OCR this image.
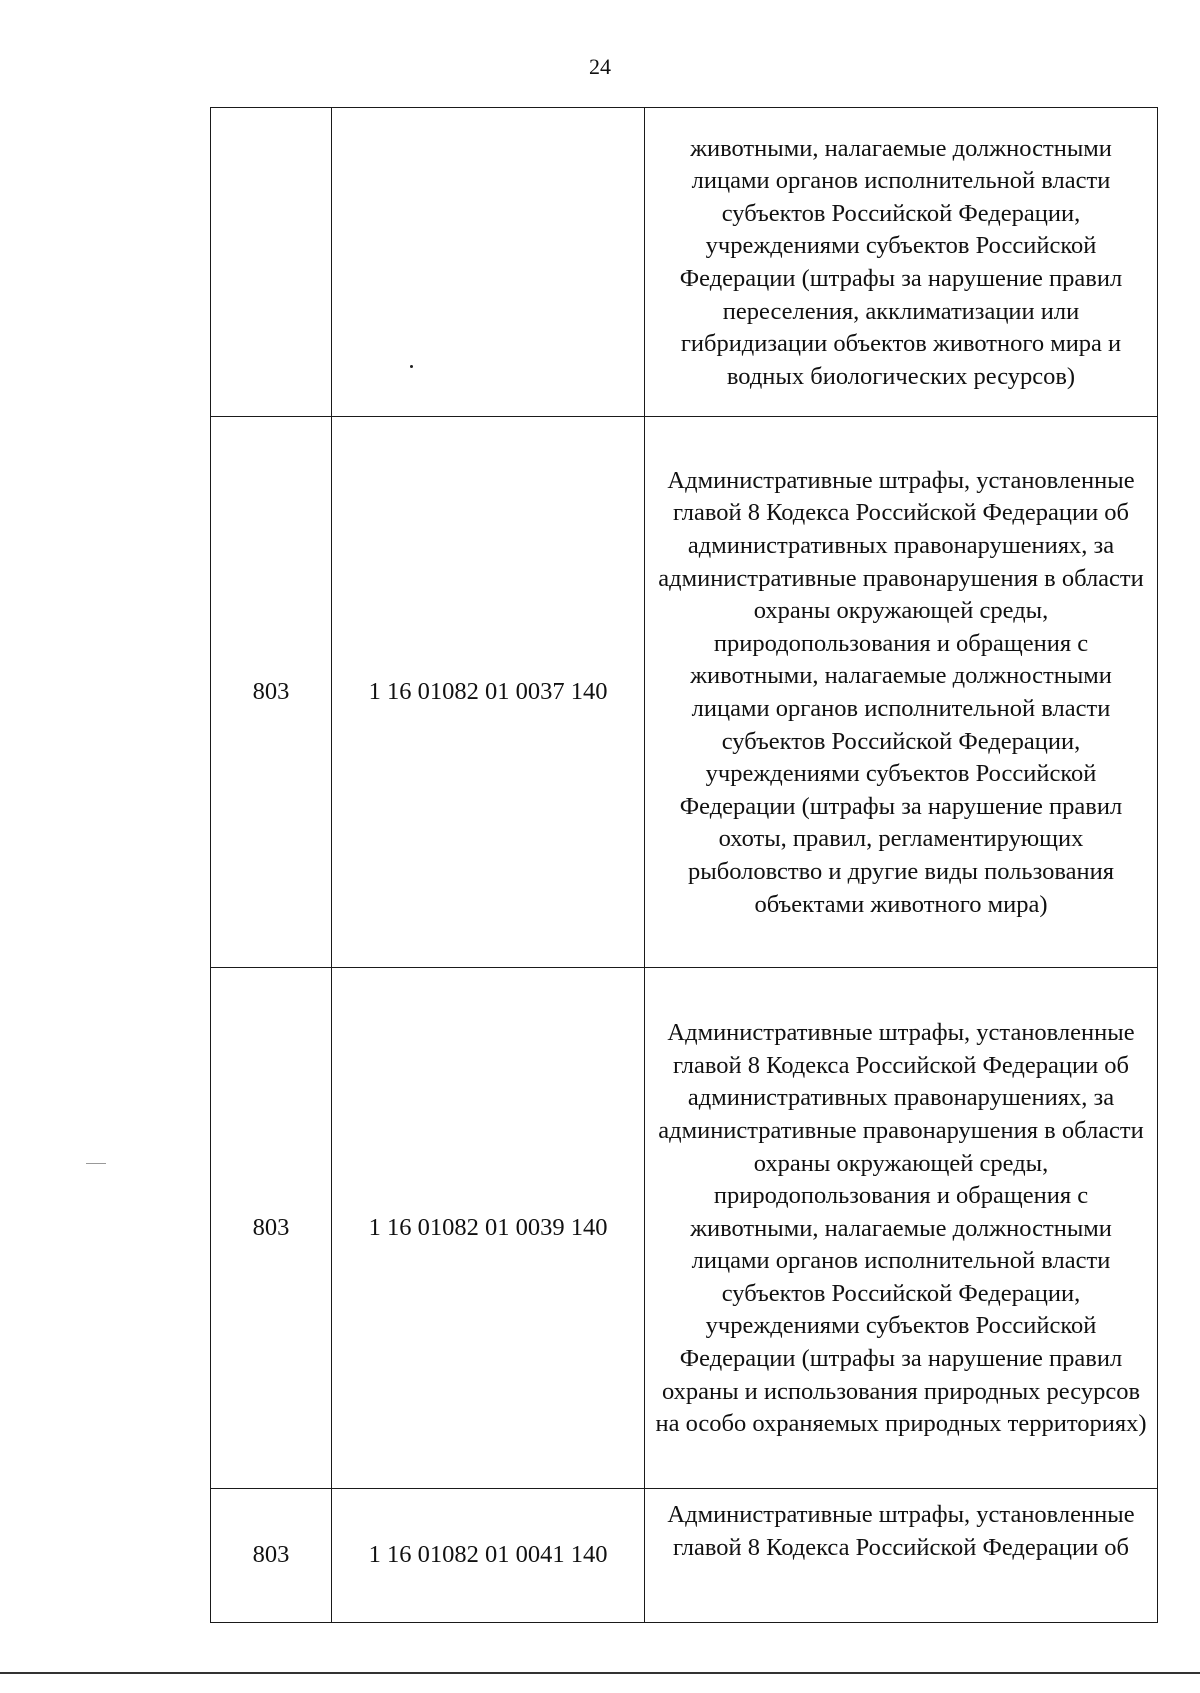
24
		животными, налагаемые должностными лицами органов исполнительной власти субъектов Российской Федерации, учреждениями субъектов Российской Федерации (штрафы за нарушение правил переселения, акклиматизации или гибридизации объектов животного мира и водных биологических ресурсов)
803	1 16 01082 01 0037 140	Административные штрафы, установленные главой 8 Кодекса Российской Федерации об административных правонарушениях, за административные правонарушения в области охраны окружающей среды, природопользования и обращения с животными, налагаемые должностными лицами органов исполнительной власти субъектов Российской Федерации, учреждениями субъектов Российской Федерации (штрафы за нарушение правил охоты, правил, регламентирующих рыболовство и другие виды пользования объектами животного мира)
803	1 16 01082 01 0039 140	Административные штрафы, установленные главой 8 Кодекса Российской Федерации об административных правонарушениях, за административные правонарушения в области охраны окружающей среды, природопользования и обращения с животными, налагаемые должностными лицами органов исполнительной власти субъектов Российской Федерации, учреждениями субъектов Российской Федерации (штрафы за нарушение правил охраны и использования природных ресурсов на особо охраняемых природных территориях)
803	1 16 01082 01 0041 140	Административные штрафы, установленные главой 8 Кодекса Российской Федерации об
